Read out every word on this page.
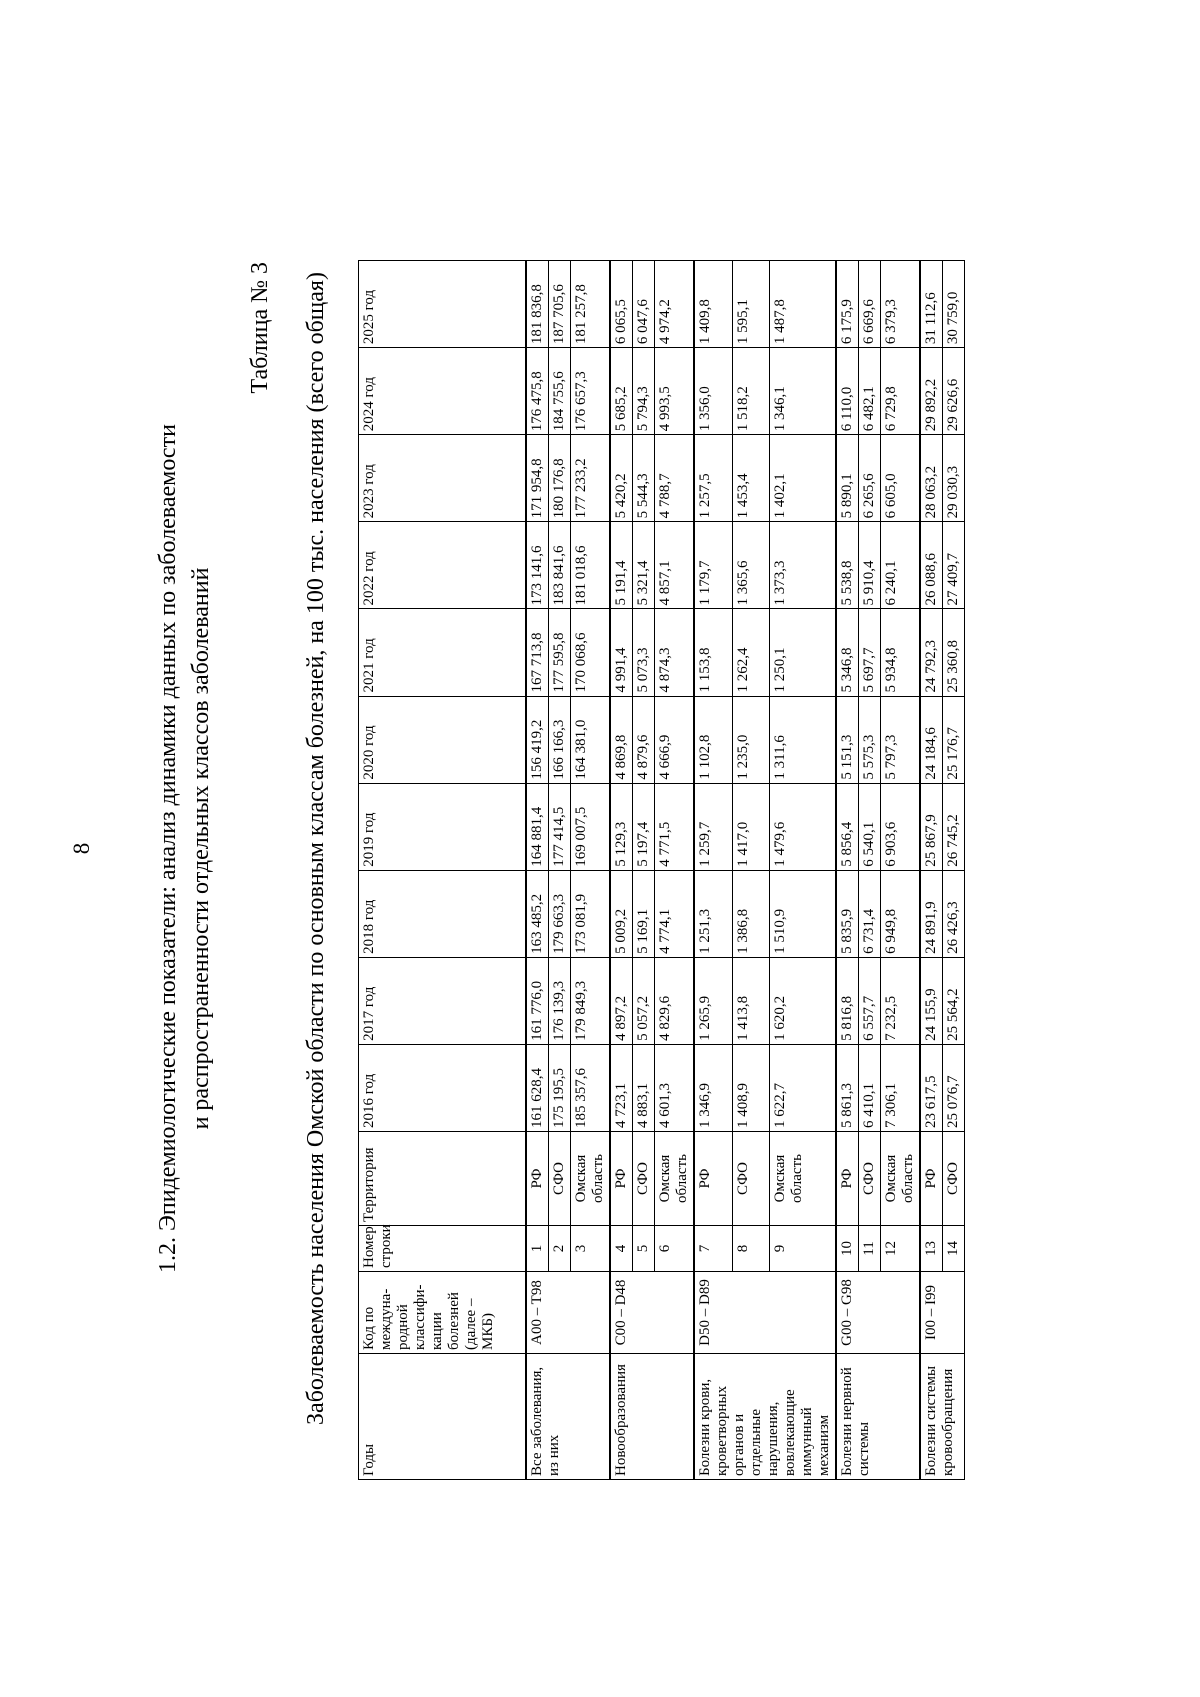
8	1.2. Эпидемиологические показатели: анализ динамики данных по заболеваемости и распространенности отдельных классов заболеваний
Таблица № 3 Заболеваемость населения Омской области по основным классам болезней, на 100 тыс. населения (всего общая)
Годы	Код по междуна-родной классифи-кации болезней (далее – МКБ)	Номер строки	Территория	2016 год	2017 год	2018 год	2019 год	2020 год	2021 год	2022 год	2023 год	2024 год	2025 год
Все заболевания, из них	A00 – T98	1	РФ	161 628,4	161 776,0	163 485,2	164 881,4	156 419,2	167 713,8	173 141,6	171 954,8	176 475,8	181 836,8
		2	СФО	175 195,5	176 139,3	179 663,3	177 414,5	166 166,3	177 595,8	183 841,6	180 176,8	184 755,6	187 705,6
		3	Омская область	185 357,6	179 849,3	173 081,9	169 007,5	164 381,0	170 068,6	181 018,6	177 233,2	176 657,3	181 257,8
Новообразования	C00 – D48	4	РФ	4 723,1	4 897,2	5 009,2	5 129,3	4 869,8	4 991,4	5 191,4	5 420,2	5 685,2	6 065,5
		5	СФО	4 883,1	5 057,2	5 169,1	5 197,4	4 879,6	5 073,3	5 321,4	5 544,3	5 794,3	6 047,6
		6	Омская область	4 601,3	4 829,6	4 774,1	4 771,5	4 666,9	4 874,3	4 857,1	4 788,7	4 993,5	4 974,2
Болезни крови, кроветворных органов и отдельные нарушения, вовлекающие иммунный механизм	D50 – D89	7	РФ	1 346,9	1 265,9	1 251,3	1 259,7	1 102,8	1 153,8	1 179,7	1 257,5	1 356,0	1 409,8
		8	СФО	1 408,9	1 413,8	1 386,8	1 417,0	1 235,0	1 262,4	1 365,6	1 453,4	1 518,2	1 595,1
		9	Омская область	1 622,7	1 620,2	1 510,9	1 479,6	1 311,6	1 250,1	1 373,3	1 402,1	1 346,1	1 487,8
Болезни нервной системы	G00 – G98	10	РФ	5 861,3	5 816,8	5 835,9	5 856,4	5 151,3	5 346,8	5 538,8	5 890,1	6 110,0	6 175,9
		11	СФО	6 410,1	6 557,7	6 731,4	6 540,1	5 575,3	5 697,7	5 910,4	6 265,6	6 482,1	6 669,6
		12	Омская область	7 306,1	7 232,5	6 949,8	6 903,6	5 797,3	5 934,8	6 240,1	6 605,0	6 729,8	6 379,3
Болезни системы кровообращения	I00 – I99	13	РФ	23 617,5	24 155,9	24 891,9	25 867,9	24 184,6	24 792,3	26 088,6	28 063,2	29 892,2	31 112,6
		14	СФО	25 076,7	25 564,2	26 426,3	26 745,2	25 176,7	25 360,8	27 409,7	29 030,3	29 626,6	30 759,0
